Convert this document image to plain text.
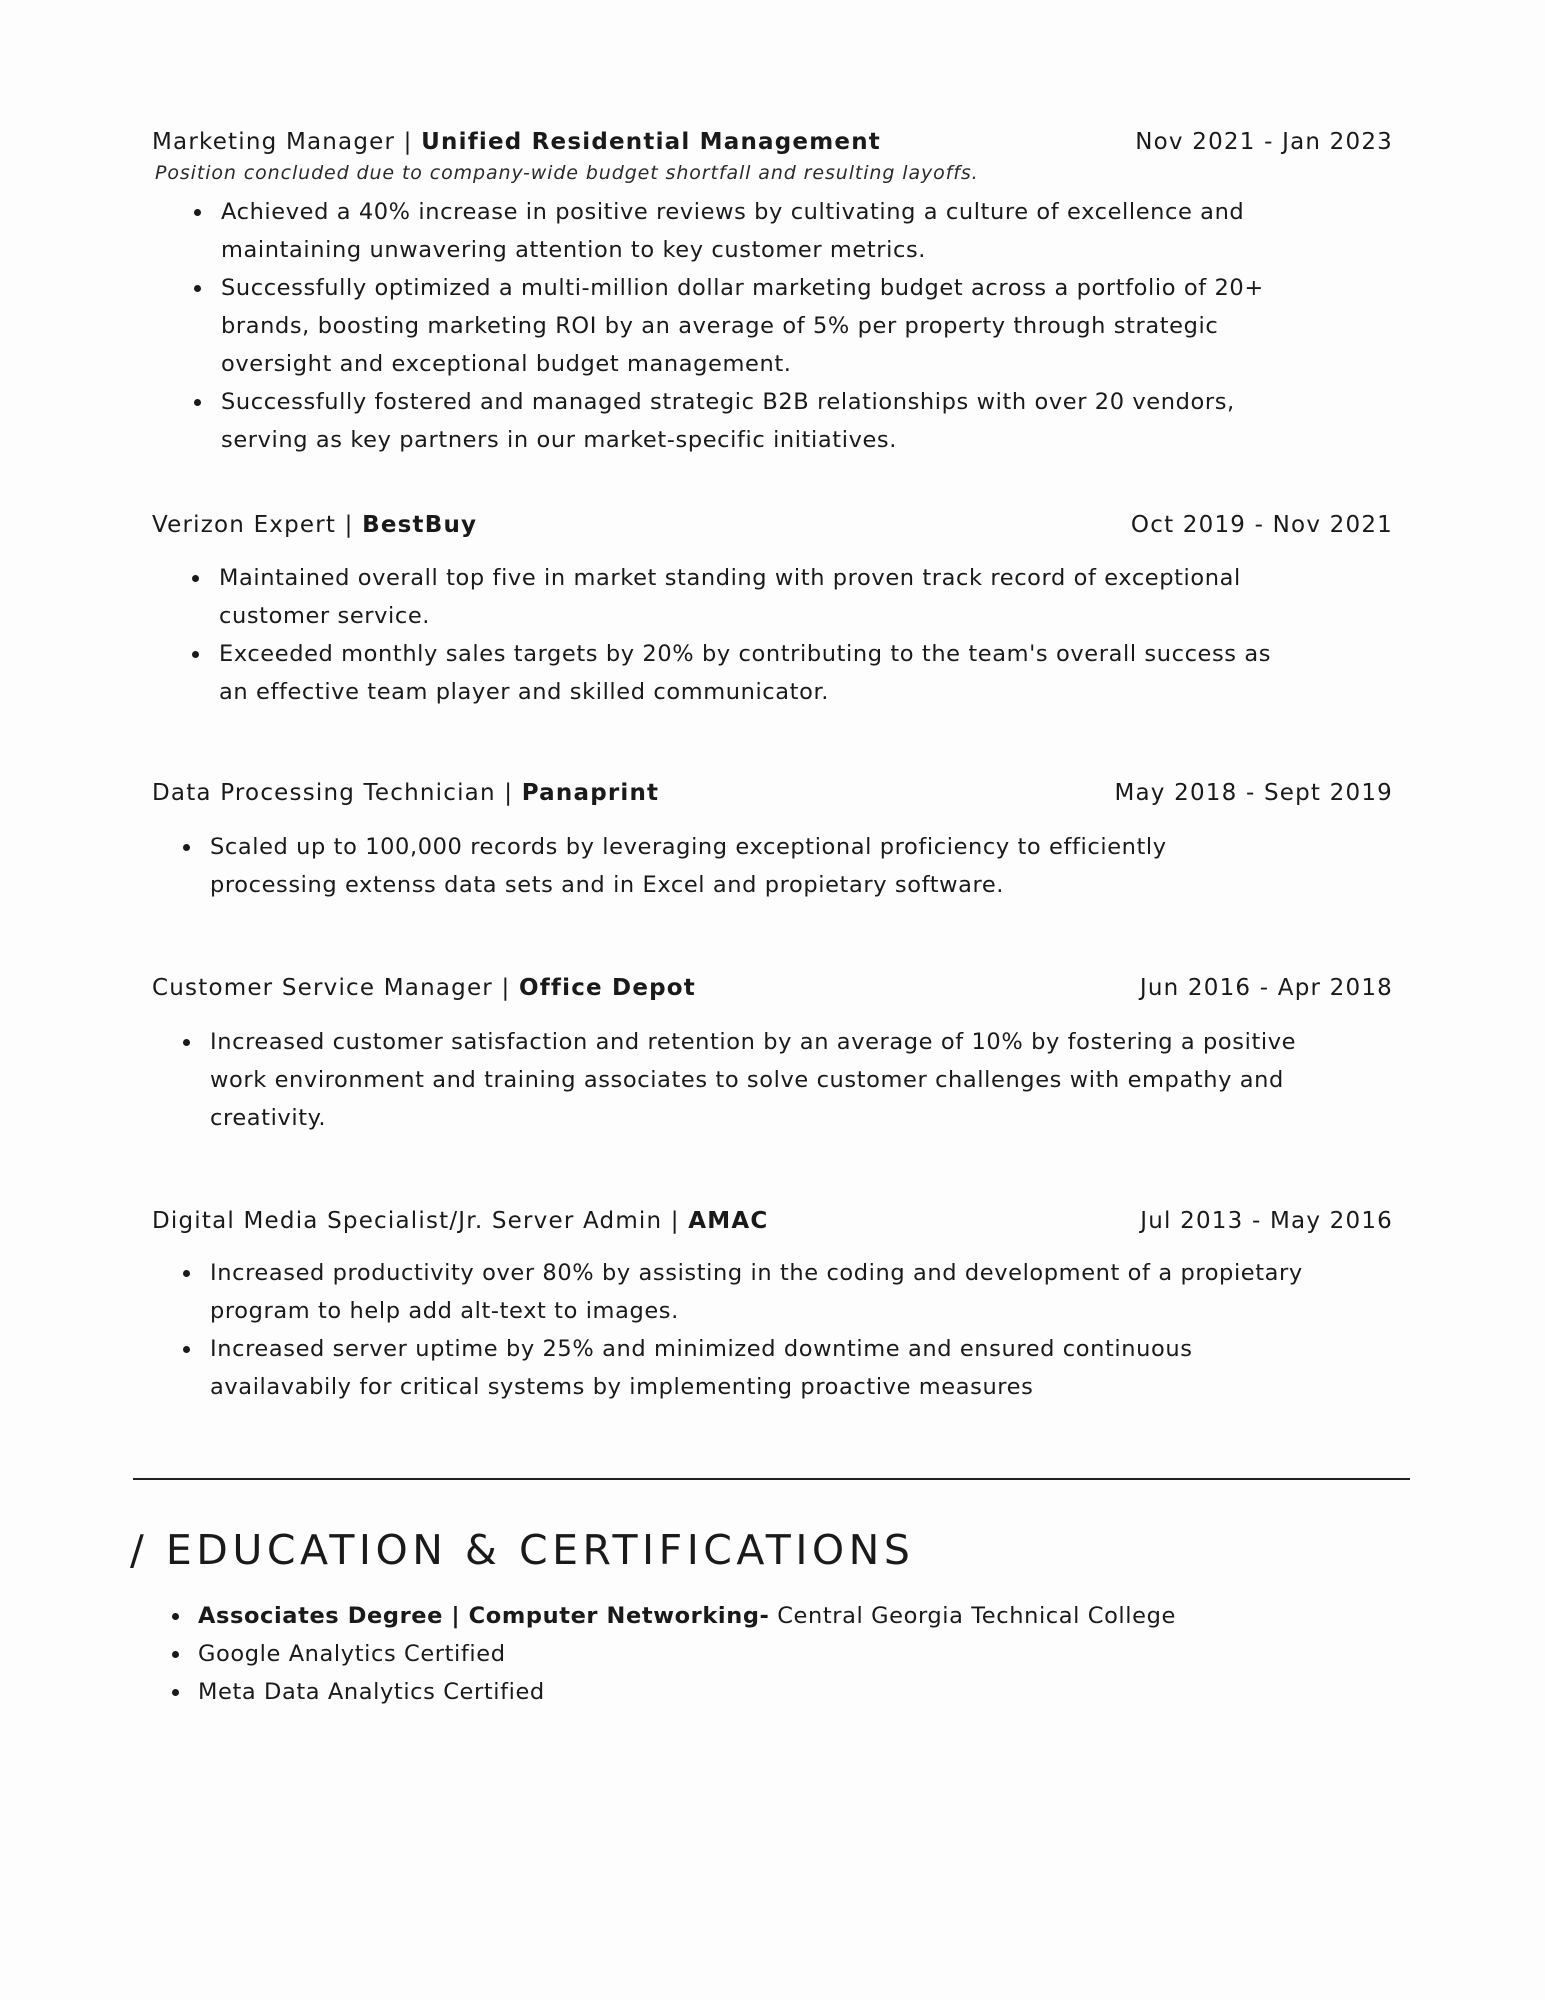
Marketing Manager | Unified Residential Management	Nov 2021 - Jan 2023
Position concluded due to company-wide budget shortfall and resulting layoffs.
Achieved a 40% increase in positive reviews by cultivating a culture of excellence and maintaining unwavering attention to key customer metrics.
Successfully optimized a multi-million dollar marketing budget across a portfolio of 20+ brands, boosting marketing ROI by an average of 5% per property through strategic oversight and exceptional budget management.
Successfully fostered and managed strategic B2B relationships with over 20 vendors, serving as key partners in our market-specific initiatives.
Verizon Expert | BestBuy	Oct 2019 - Nov 2021
Maintained overall top five in market standing with proven track record of exceptional customer service.
Exceeded monthly sales targets by 20% by contributing to the team's overall success as an effective team player and skilled communicator.
Data Processing Technician | Panaprint	May 2018 - Sept 2019
Scaled up to 100,000 records by leveraging exceptional proficiency to efficiently processing extenss data sets and in Excel and propietary software.
Customer Service Manager | Office Depot	Jun 2016 - Apr 2018
Increased customer satisfaction and retention by an average of 10% by fostering a positive work environment and training associates to solve customer challenges with empathy and creativity.
Digital Media Specialist/Jr. Server Admin | AMAC	Jul 2013 - May 2016
Increased productivity over 80% by assisting in the coding and development of a propietary program to help add alt-text to images.
Increased server uptime by 25% and minimized downtime and ensured continuous availavabily for critical systems by implementing proactive measures
/ EDUCATION & CERTIFICATIONS
Associates Degree | Computer Networking- Central Georgia Technical College
Google Analytics Certified
Meta Data Analytics Certified
